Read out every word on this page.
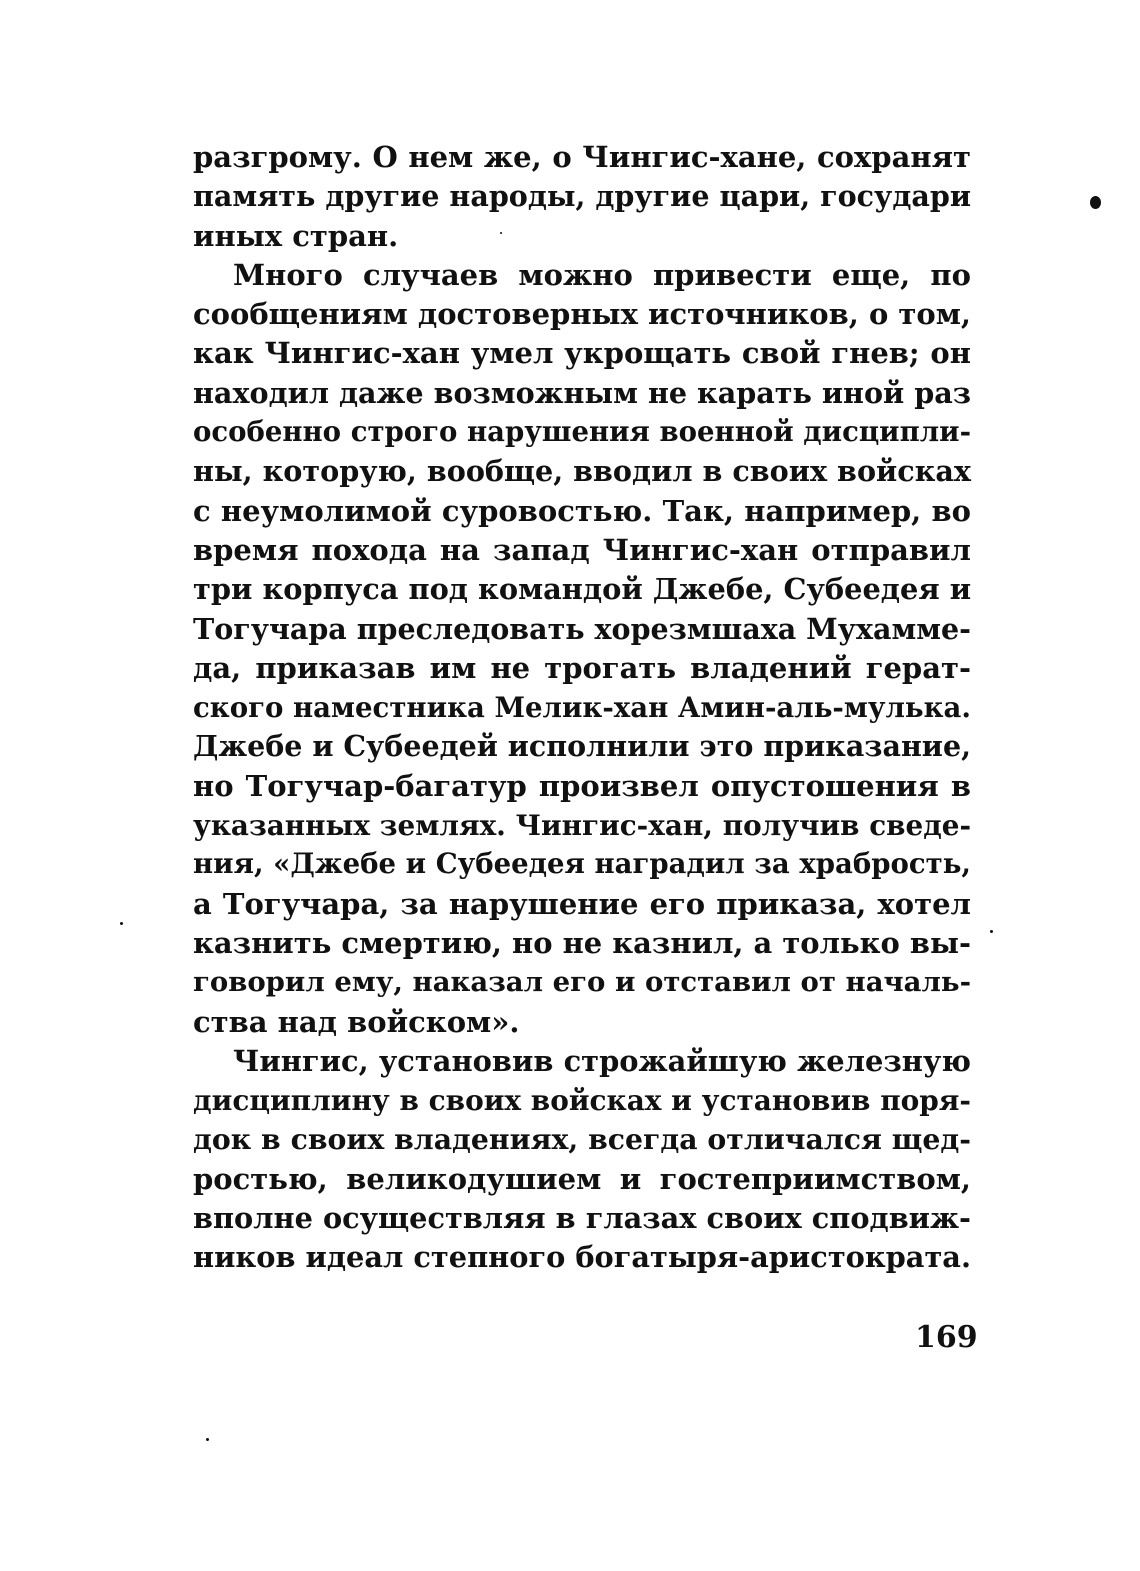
разгрому. О нем же, о Чингис-хане, сохранят
память другие народы, другие цари, государи
иных стран.
Много случаев можно привести еще, по
сообщениям достоверных источников, о том,
как Чингис-хан умел укрощать свой гнев; он
находил даже возможным не карать иной раз
особенно строго нарушения военной дисципли-
ны, которую, вообще, вводил в своих войсках
с неумолимой суровостью. Так, например, во
время похода на запад Чингис-хан отправил
три корпуса под командой Джебе, Субеедея и
Тогучара преследовать хорезмшаха Мухамме-
да, приказав им не трогать владений герат-
ского наместника Мелик-хан Амин-аль-мулька.
Джебе и Субеедей исполнили это приказание,
но Тогучар-багатур произвел опустошения в
указанных землях. Чингис-хан, получив сведе-
ния, «Джебе и Субеедея наградил за храбрость,
а Тогучара, за нарушение его приказа, хотел
казнить смертию, но не казнил, а только вы-
говорил ему, наказал его и отставил от началь-
ства над войском».
Чингис, установив строжайшую железную
дисциплину в своих войсках и установив поря-
док в своих владениях, всегда отличался щед-
ростью, великодушием и гостеприимством,
вполне осуществляя в глазах своих сподвиж-
ников идеал степного богатыря-аристократа.
169
